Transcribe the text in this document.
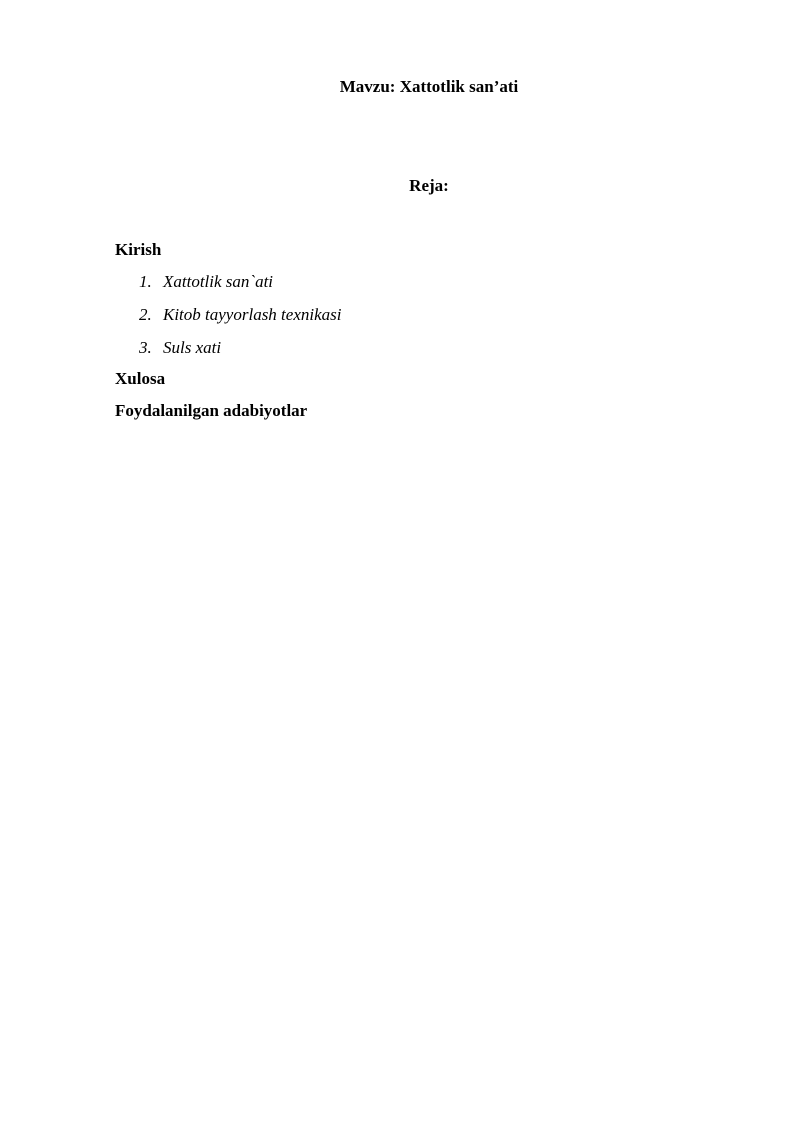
Mavzu: Xattotlik san’ati
Reja:
Kirish
1. Xattotlik san`ati
2. Kitob tayyorlash texnikasi
3. Suls xati
Xulosa
Foydalanilgan adabiyotlar
